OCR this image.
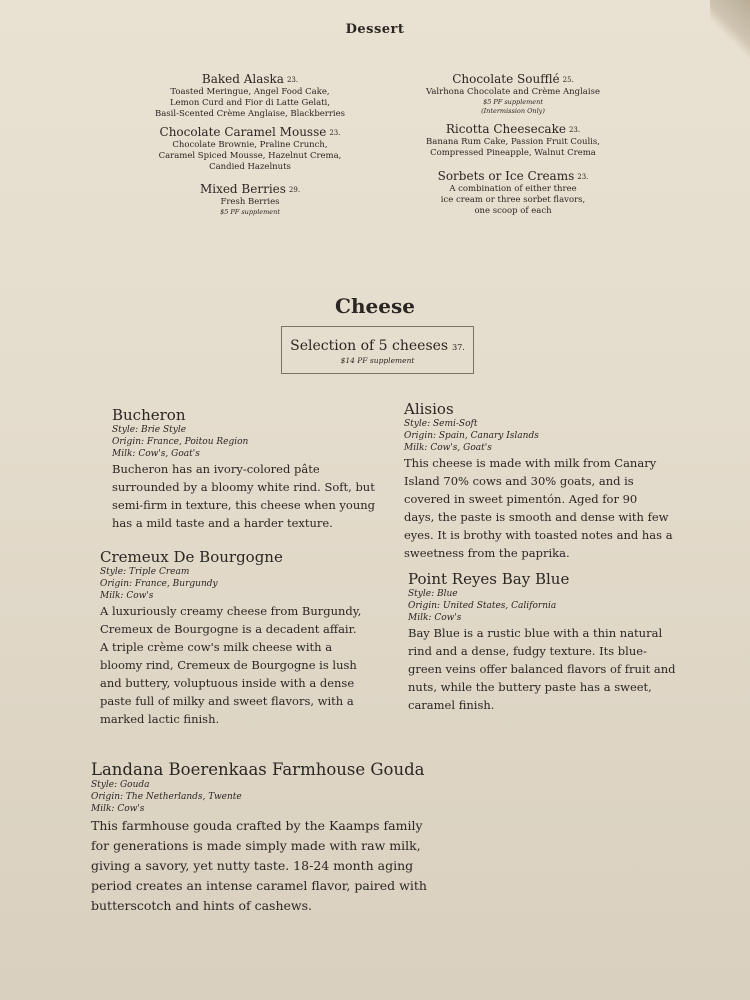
Dessert
Baked Alaska 23.
Toasted Meringue, Angel Food Cake,
Lemon Curd and Fior di Latte Gelati,
Basil-Scented Crème Anglaise, Blackberries
Chocolate Caramel Mousse 23.
Chocolate Brownie, Praline Crunch,
Caramel Spiced Mousse, Hazelnut Crema,
Candied Hazelnuts
Mixed Berries 29.
Fresh Berries
$5 PF supplement
Chocolate Soufflé 25.
Valrhona Chocolate and Crème Anglaise
$5 PF supplement
(Intermission Only)
Ricotta Cheesecake 23.
Banana Rum Cake, Passion Fruit Coulis,
Compressed Pineapple, Walnut Crema
Sorbets or Ice Creams 23.
A combination of either three
ice cream or three sorbet flavors,
one scoop of each
Cheese
Selection of 5 cheeses 37.
$14 PF supplement
Bucheron
Style: Brie Style
Origin: France, Poitou Region
Milk: Cow's, Goat's
Bucheron has an ivory-colored pâte
surrounded by a bloomy white rind. Soft, but
semi-firm in texture, this cheese when young
has a mild taste and a harder texture.
Alisios
Style: Semi-Soft
Origin: Spain, Canary Islands
Milk: Cow's, Goat's
This cheese is made with milk from Canary
Island 70% cows and 30% goats, and is
covered in sweet pimentón. Aged for 90
days, the paste is smooth and dense with few
eyes. It is brothy with toasted notes and has a
sweetness from the paprika.
Cremeux De Bourgogne
Style: Triple Cream
Origin: France, Burgundy
Milk: Cow's
A luxuriously creamy cheese from Burgundy,
Cremeux de Bourgogne is a decadent affair.
A triple crème cow's milk cheese with a
bloomy rind, Cremeux de Bourgogne is lush
and buttery, voluptuous inside with a dense
paste full of milky and sweet flavors, with a
marked lactic finish.
Point Reyes Bay Blue
Style: Blue
Origin: United States, California
Milk: Cow's
Bay Blue is a rustic blue with a thin natural
rind and a dense, fudgy texture. Its blue-
green veins offer balanced flavors of fruit and
nuts, while the buttery paste has a sweet,
caramel finish.
Landana Boerenkaas Farmhouse Gouda
Style: Gouda
Origin: The Netherlands, Twente
Milk: Cow's
This farmhouse gouda crafted by the Kaamps family
for generations is made simply made with raw milk,
giving a savory, yet nutty taste. 18-24 month aging
period creates an intense caramel flavor, paired with
butterscotch and hints of cashews.
